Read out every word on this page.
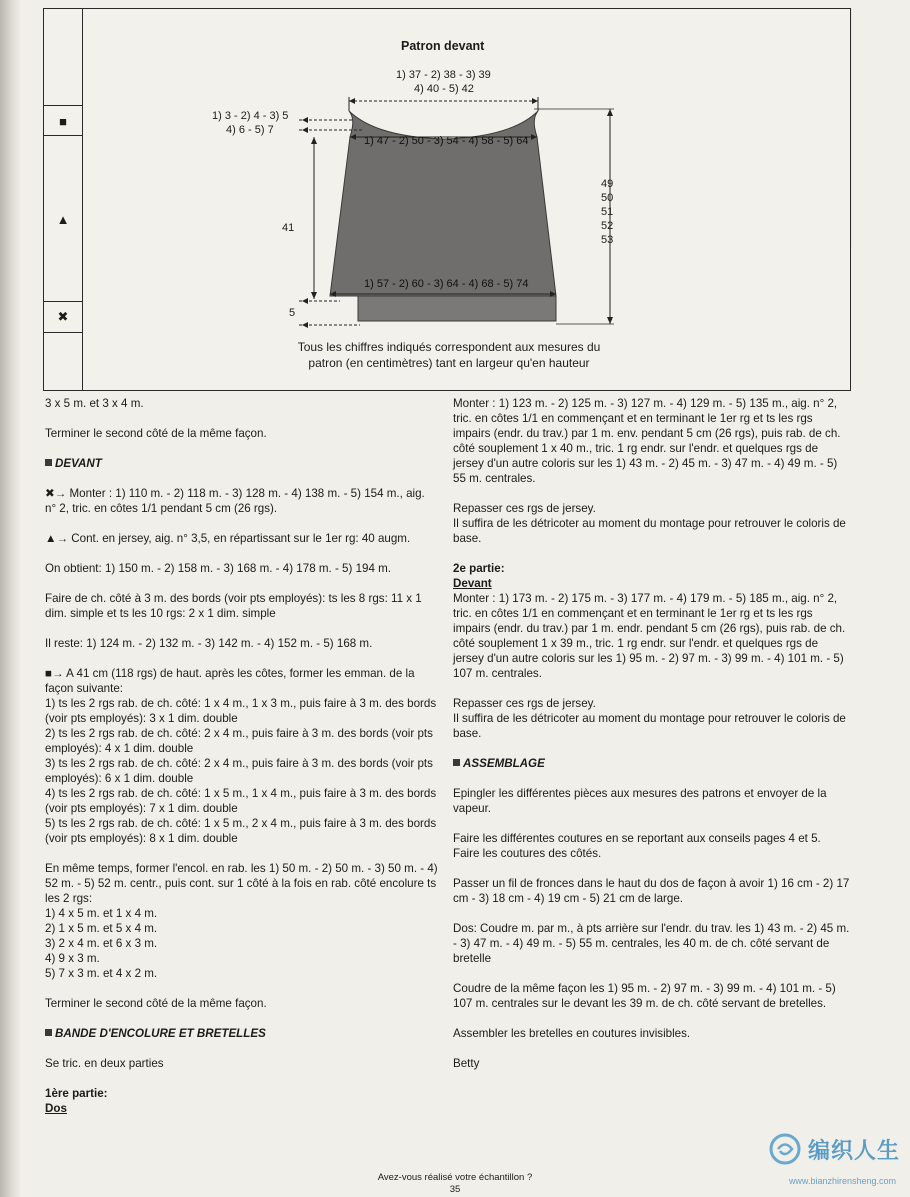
■
▲
✖
Patron devant
1) 37 - 2) 38 - 3) 39
4) 40 - 5) 42
1) 3 - 2) 4 - 3) 5
4) 6 - 5) 7
1) 47 - 2) 50 - 3) 54 - 4) 58 - 5) 64
41
49
50
51
52
53
1) 57 - 2) 60 - 3) 64 - 4) 68 - 5) 74
5
Tous les chiffres indiqués correspondent aux mesures du
patron (en centimètres) tant en largeur qu'en hauteur

3 x 5 m. et 3 x 4 m.

Terminer le second côté de la même façon.

DEVANT

✖→ Monter : 1) 110 m. - 2) 118 m. - 3) 128 m. - 4) 138 m. - 5) 154 m., aig. n° 2, tric. en côtes 1/1 pendant 5 cm (26 rgs).

▲→ Cont. en jersey, aig. n° 3,5, en répartissant sur le 1er rg: 40 augm.

On obtient: 1) 150 m. - 2) 158 m. - 3) 168 m. - 4) 178 m. - 5) 194 m.

Faire de ch. côté à 3 m. des bords (voir pts employés): ts les 8 rgs: 11 x 1 dim. simple et ts les 10 rgs: 2 x 1 dim. simple

Il reste: 1) 124 m. - 2) 132 m. - 3) 142 m. - 4) 152 m. - 5) 168 m.

■→ A 41 cm (118 rgs) de haut. après les côtes, former les emman. de la façon suivante:

1) ts les 2 rgs rab. de ch. côté: 1 x 4 m., 1 x 3 m., puis faire à 3 m. des bords (voir pts employés): 3 x 1 dim. double

2) ts les 2 rgs rab. de ch. côté: 2 x 4 m., puis faire à 3 m. des bords (voir pts employés): 4 x 1 dim. double

3) ts les 2 rgs rab. de ch. côté: 2 x 4 m., puis faire à 3 m. des bords (voir pts employés): 6 x 1 dim. double

4) ts les 2 rgs rab. de ch. côté: 1 x 5 m., 1 x 4 m., puis faire à 3 m. des bords (voir pts employés): 7 x 1 dim. double

5) ts les 2 rgs rab. de ch. côté: 1 x 5 m., 2 x 4 m., puis faire à 3 m. des bords (voir pts employés): 8 x 1 dim. double

En même temps, former l'encol. en rab. les 1) 50 m. - 2) 50 m. - 3) 50 m. - 4) 52 m. - 5) 52 m. centr., puis cont. sur 1 côté à la fois en rab. côté encolure ts les 2 rgs:

1) 4 x 5 m. et 1 x 4 m.

2) 1 x 5 m. et 5 x 4 m.

3) 2 x 4 m. et 6 x 3 m.

4) 9 x 3 m.

5) 7 x 3 m. et 4 x 2 m.

Terminer le second côté de la même façon.

BANDE D'ENCOLURE ET BRETELLES

Se tric. en deux parties

1ère partie:

Dos

Monter : 1) 123 m. - 2) 125 m. - 3) 127 m. - 4) 129 m. - 5) 135 m., aig. n° 2, tric. en côtes 1/1 en commençant et en terminant le 1er rg et ts les rgs impairs (endr. du trav.) par 1 m. env. pendant 5 cm (26 rgs), puis rab. de ch. côté souplement 1 x 40 m., tric. 1 rg endr. sur l'endr. et quelques rgs de jersey d'un autre coloris sur les 1) 43 m. - 2) 45 m. - 3) 47 m. - 4) 49 m. - 5) 55 m. centrales.

Repasser ces rgs de jersey.

Il suffira de les détricoter au moment du montage pour retrouver le coloris de base.

2e partie:

Devant

Monter : 1) 173 m. - 2) 175 m. - 3) 177 m. - 4) 179 m. - 5) 185 m., aig. n° 2, tric. en côtes 1/1 en commençant et en terminant le 1er rg et ts les rgs impairs (endr. du trav.) par 1 m. endr. pendant 5 cm (26 rgs), puis rab. de ch. côté souplement 1 x 39 m., tric. 1 rg endr. sur l'endr. et quelques rgs de jersey d'un autre coloris sur les 1) 95 m. - 2) 97 m. - 3) 99 m. - 4) 101 m. - 5) 107 m. centrales.

Repasser ces rgs de jersey.

Il suffira de les détricoter au moment du montage pour retrouver le coloris de base.

ASSEMBLAGE

Epingler les différentes pièces aux mesures des patrons et envoyer de la vapeur.

Faire les différentes coutures en se reportant aux conseils pages 4 et 5.

Faire les coutures des côtés.

Passer un fil de fronces dans le haut du dos de façon à avoir 1) 16 cm - 2) 17 cm - 3) 18 cm - 4) 19 cm - 5) 21 cm de large.

Dos: Coudre m. par m., à pts arrière sur l'endr. du trav. les 1) 43 m. - 2) 45 m. - 3) 47 m. - 4) 49 m. - 5) 55 m. centrales, les 40 m. de ch. côté servant de bretelle

Coudre de la même façon les 1) 95 m. - 2) 97 m. - 3) 99 m. - 4) 101 m. - 5) 107 m. centrales sur le devant les 39 m. de ch. côté servant de bretelles.

Assembler les bretelles en coutures invisibles.

Betty

Avez-vous réalisé votre échantillon ?
35
编织人生
www.bianzhirensheng.com
